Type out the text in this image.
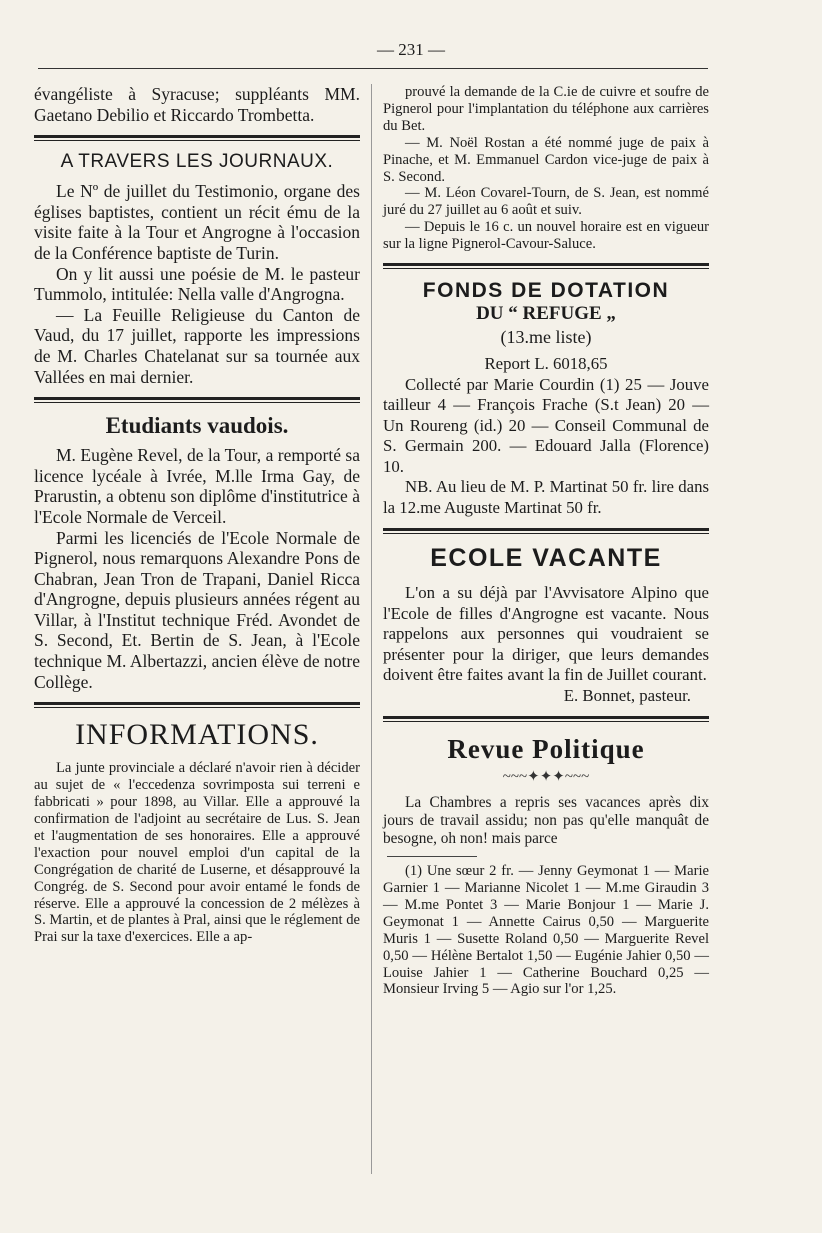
— 231 —

évangéliste à Syracuse; suppléants MM. Gaetano Debilio et Riccardo Trombetta.

A TRAVERS LES JOURNAUX.

Le Nº de juillet du Testimonio, organe des églises baptistes, contient un récit ému de la visite faite à la Tour et Angrogne à l'occasion de la Conférence baptiste de Turin.

On y lit aussi une poésie de M. le pasteur Tummolo, intitulée: Nella valle d'Angrogna.

— La Feuille Religieuse du Canton de Vaud, du 17 juillet, rapporte les impressions de M. Charles Chatelanat sur sa tournée aux Vallées en mai dernier.

Etudiants vaudois.

M. Eugène Revel, de la Tour, a remporté sa licence lycéale à Ivrée, M.lle Irma Gay, de Prarustin, a obtenu son diplôme d'institutrice à l'Ecole Normale de Verceil.

Parmi les licenciés de l'Ecole Normale de Pignerol, nous remarquons Alexandre Pons de Chabran, Jean Tron de Trapani, Daniel Ricca d'Angrogne, depuis plusieurs années régent au Villar, à l'Institut technique Fréd. Avondet de S. Second, Et. Bertin de S. Jean, à l'Ecole technique M. Albertazzi, ancien élève de notre Collège.

INFORMATIONS.

La junte provinciale a déclaré n'avoir rien à décider au sujet de « l'eccedenza sovrimposta sui terreni e fabbricati » pour 1898, au Villar. Elle a approuvé la confirmation de l'adjoint au secrétaire de Lus. S. Jean et l'augmentation de ses honoraires. Elle a approuvé l'exaction pour nouvel emploi d'un capital de la Congrégation de charité de Luserne, et désapprouvé la Congrég. de S. Second pour avoir entamé le fonds de réserve. Elle a approuvé la concession de 2 mélèzes à S. Martin, et de plantes à Pral, ainsi que le réglement de Prai sur la taxe d'exercices. Elle a ap-

prouvé la demande de la C.ie de cuivre et soufre de Pignerol pour l'implantation du téléphone aux carrières du Bet.

— M. Noël Rostan a été nommé juge de paix à Pinache, et M. Emmanuel Cardon vice-juge de paix à S. Second.

— M. Léon Covarel-Tourn, de S. Jean, est nommé juré du 27 juillet au 6 août et suiv.

— Depuis le 16 c. un nouvel horaire est en vigueur sur la ligne Pignerol-Cavour-Saluce.

FONDS DE DOTATION
DU “ REFUGE „
(13.me liste)

Report L. 6018,65

Collecté par Marie Courdin (1) 25 — Jouve tailleur 4 — François Frache (S.t Jean) 20 — Un Roureng (id.) 20 — Conseil Communal de S. Germain 200. — Edouard Jalla (Florence) 10.

NB. Au lieu de M. P. Martinat 50 fr. lire dans la 12.me Auguste Martinat 50 fr.

ECOLE VACANTE

L'on a su déjà par l'Avvisatore Alpino que l'Ecole de filles d'Angrogne est vacante. Nous rappelons aux personnes qui voudraient se présenter pour la diriger, que leurs demandes doivent être faites avant la fin de Juillet courant.

E. Bonnet, pasteur.

Revue Politique
~~~✦✦✦~~~

La Chambres a repris ses vacances après dix jours de travail assidu; non pas qu'elle manquât de besogne, oh non! mais parce

(1) Une sœur 2 fr. — Jenny Geymonat 1 — Marie Garnier 1 — Marianne Nicolet 1 — M.me Giraudin 3 — M.me Pontet 3 — Marie Bonjour 1 — Marie J. Geymonat 1 — Annette Cairus 0,50 — Marguerite Muris 1 — Susette Roland 0,50 — Marguerite Revel 0,50 — Hélène Bertalot 1,50 — Eugénie Jahier 0,50 — Louise Jahier 1 — Catherine Bouchard 0,25 — Monsieur Irving 5 — Agio sur l'or 1,25.
